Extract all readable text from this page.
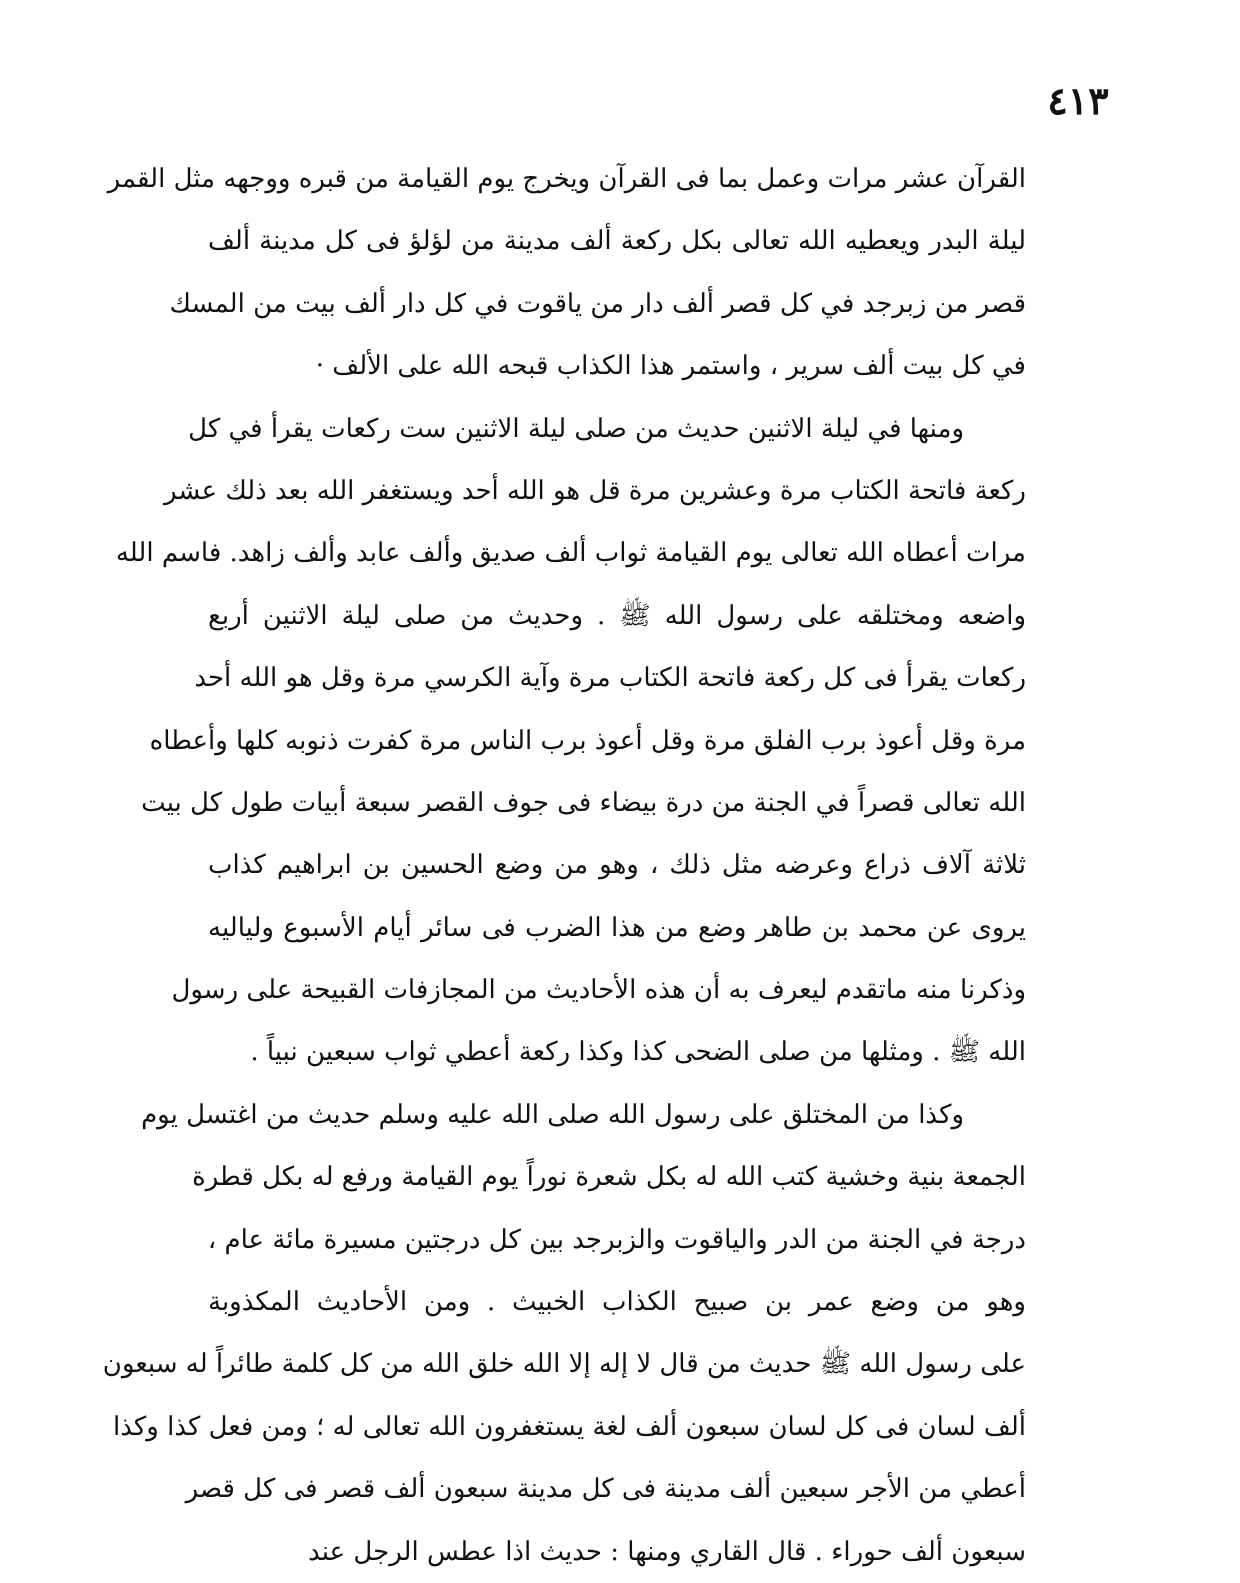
٤١٣
القرآن عشر مرات وعمل بما فى القرآن ويخرج يوم القيامة من قبره ووجهه مثل القمر
ليلة البدر ويعطيه الله تعالى بكل ركعة ألف مدينة من لؤلؤ فى كل مدينة ألف
قصر من زبرجد في كل قصر ألف دار من ياقوت في كل دار ألف بيت من المسك
في كل بيت ألف سرير ، واستمر هذا الكذاب قبحه الله على الألف ·
ومنها في ليلة الاثنين حديث من صلى ليلة الاثنين ست ركعات يقرأ في كل
ركعة فاتحة الكتاب مرة وعشرين مرة قل هو الله أحد ويستغفر الله بعد ذلك عشر
مرات أعطاه الله تعالى يوم القيامة ثواب ألف صديق وألف عابد وألف زاهد. فاسم الله
واضعه ومختلقه على رسول الله ﷺ . وحديث من صلى ليلة الاثنين أربع
ركعات يقرأ فى كل ركعة فاتحة الكتاب مرة وآية الكرسي مرة وقل هو الله أحد
مرة وقل أعوذ برب الفلق مرة وقل أعوذ برب الناس مرة كفرت ذنوبه كلها وأعطاه
الله تعالى قصراً في الجنة من درة بيضاء فى جوف القصر سبعة أبيات طول كل بيت
ثلاثة آلاف ذراع وعرضه مثل ذلك ، وهو من وضع الحسين بن ابراهيم كذاب
يروى عن محمد بن طاهر وضع من هذا الضرب فى سائر أيام الأسبوع ولياليه
وذكرنا منه ماتقدم ليعرف به أن هذه الأحاديث من المجازفات القبيحة على رسول
الله ﷺ . ومثلها من صلى الضحى كذا وكذا ركعة أعطي ثواب سبعين نبياً .
وكذا من المختلق على رسول الله صلى الله عليه وسلم حديث من اغتسل يوم
الجمعة بنية وخشية كتب الله له بكل شعرة نوراً يوم القيامة ورفع له بكل قطرة
درجة في الجنة من الدر والياقوت والزبرجد بين كل درجتين مسيرة مائة عام ،
وهو من وضع عمر بن صبيح الكذاب الخبيث . ومن الأحاديث المكذوبة
على رسول الله ﷺ حديث من قال لا إله إلا الله خلق الله من كل كلمة طائراً له سبعون
ألف لسان فى كل لسان سبعون ألف لغة يستغفرون الله تعالى له ؛ ومن فعل كذا وكذا
أعطي من الأجر سبعين ألف مدينة فى كل مدينة سبعون ألف قصر فى كل قصر
سبعون ألف حوراء . قال القاري ومنها : حديث اذا عطس الرجل عند
